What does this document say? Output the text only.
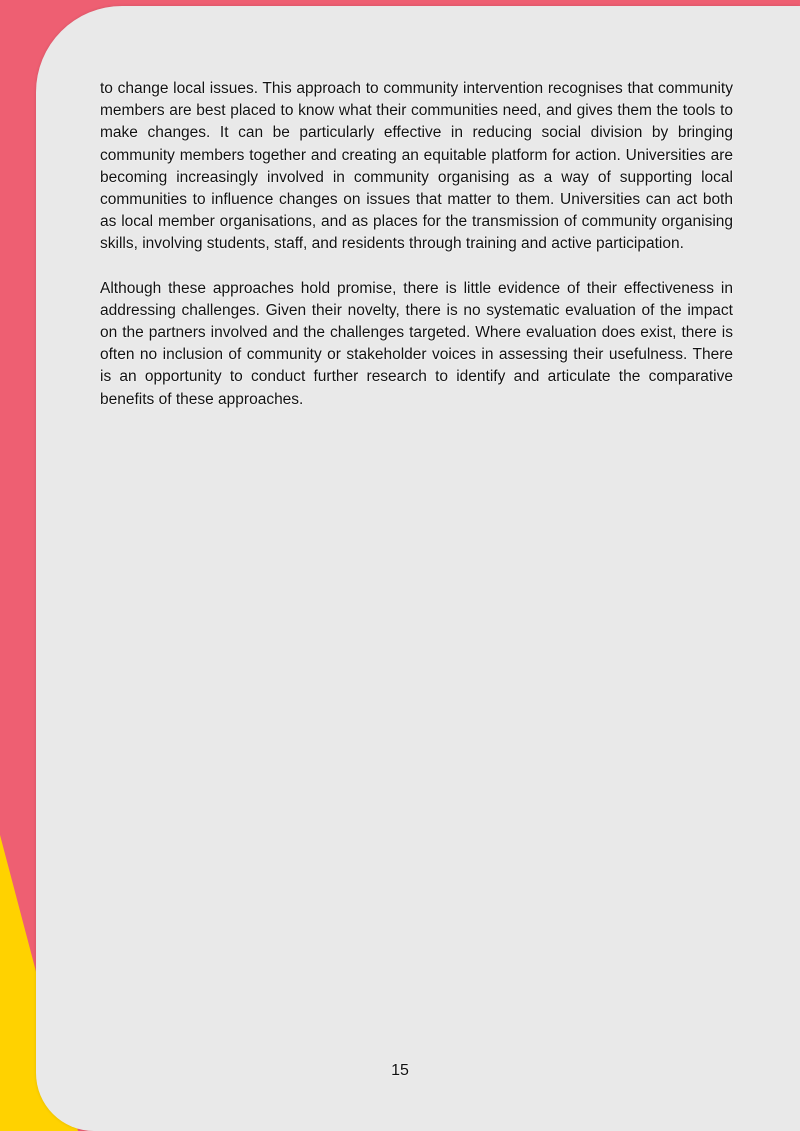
to change local issues. This approach to community intervention recognises that community members are best placed to know what their communities need, and gives them the tools to make changes. It can be particularly effective in reducing social division by bringing community members together and creating an equitable platform for action. Universities are becoming increasingly involved in community organising as a way of supporting local communities to influence changes on issues that matter to them. Universities can act both as local member organisations, and as places for the transmission of community organising skills, involving students, staff, and residents through training and active participation.

Although these approaches hold promise, there is little evidence of their effectiveness in addressing challenges. Given their novelty, there is no systematic evaluation of the impact on the partners involved and the challenges targeted. Where evaluation does exist, there is often no inclusion of community or stakeholder voices in assessing their usefulness. There is an opportunity to conduct further research to identify and articulate the comparative benefits of these approaches.

15
